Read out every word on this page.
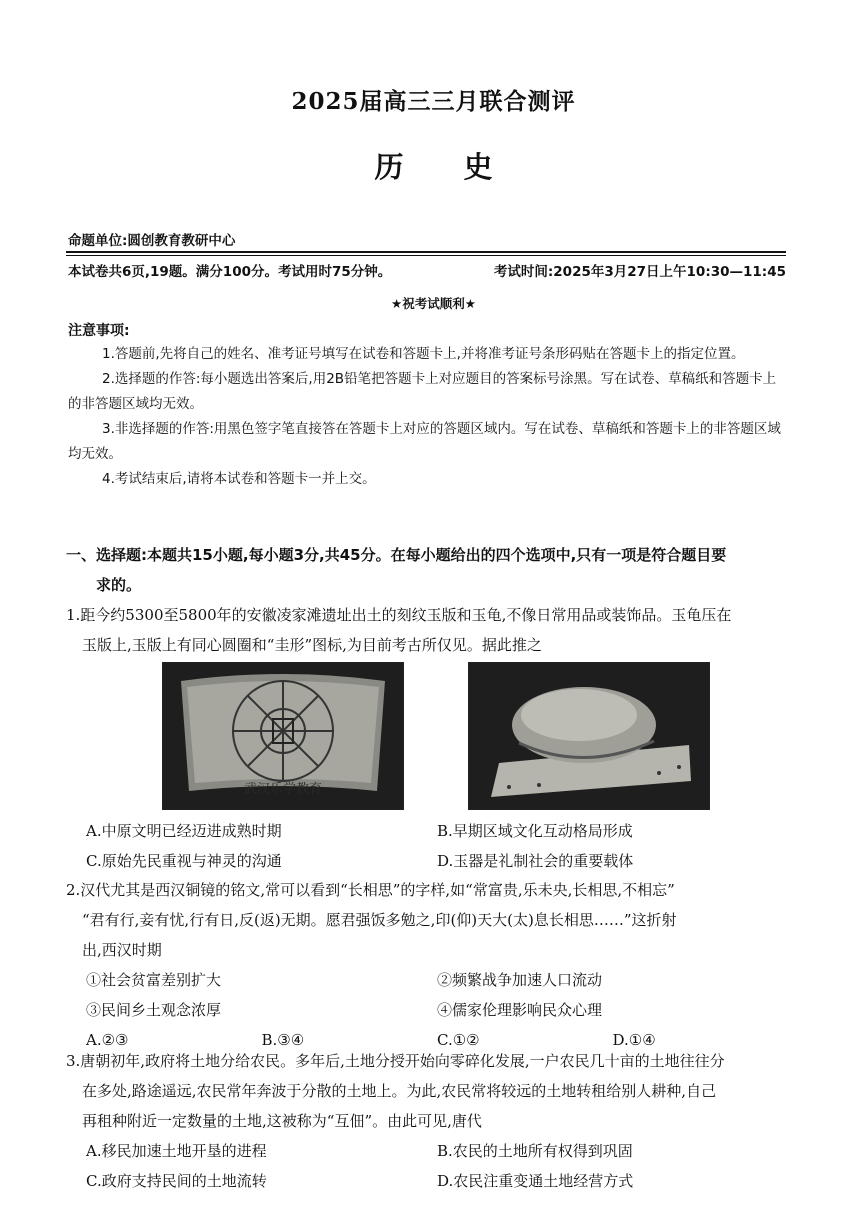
2025届高三三月联合测评
历史
命题单位:圆创教育教研中心
本试卷共6页,19题。满分100分。考试用时75分钟。	考试时间:2025年3月27日上午10:30—11:45
★祝考试顺利★
注意事项:

1.答题前,先将自己的姓名、准考证号填写在试卷和答题卡上,并将准考证号条形码贴在答题卡上的指定位置。

2.选择题的作答:每小题选出答案后,用2B铅笔把答题卡上对应题目的答案标号涂黑。写在试卷、草稿纸和答题卡上的非答题区域均无效。

3.非选择题的作答:用黑色签字笔直接答在答题卡上对应的答题区域内。写在试卷、草稿纸和答题卡上的非答题区域均无效。

4.考试结束后,请将本试卷和答题卡一并上交。

一、选择题:本题共15小题,每小题3分,共45分。在每小题给出的四个选项中,只有一项是符合题目要
求的。
1.距今约5300至5800年的安徽凌家滩遗址出土的刻纹玉版和玉龟,不像日常用品或装饰品。玉龟压在
玉版上,玉版上有同心圆圈和“圭形”图标,为目前考古所仅见。据此推之
武汉乐学教育
A.中原文明已经迈进成熟时期	B.早期区域文化互动格局形成
C.原始先民重视与神灵的沟通	D.玉器是礼制社会的重要载体
2.汉代尤其是西汉铜镜的铭文,常可以看到“长相思”的字样,如“常富贵,乐未央,长相思,不相忘”
“君有行,妾有忧,行有日,反(返)无期。愿君强饭多勉之,印(仰)天大(太)息长相思……”这折射
出,西汉时期
①社会贫富差别扩大	②频繁战争加速人口流动
③民间乡土观念浓厚	④儒家伦理影响民众心理
A.②③	B.③④	C.①②	D.①④
3.唐朝初年,政府将土地分给农民。多年后,土地分授开始向零碎化发展,一户农民几十亩的土地往往分
在多处,路途遥远,农民常年奔波于分散的土地上。为此,农民常将较远的土地转租给别人耕种,自己
再租种附近一定数量的土地,这被称为“互佃”。由此可见,唐代
A.移民加速土地开垦的进程	B.农民的土地所有权得到巩固
C.政府支持民间的土地流转	D.农民注重变通土地经营方式
